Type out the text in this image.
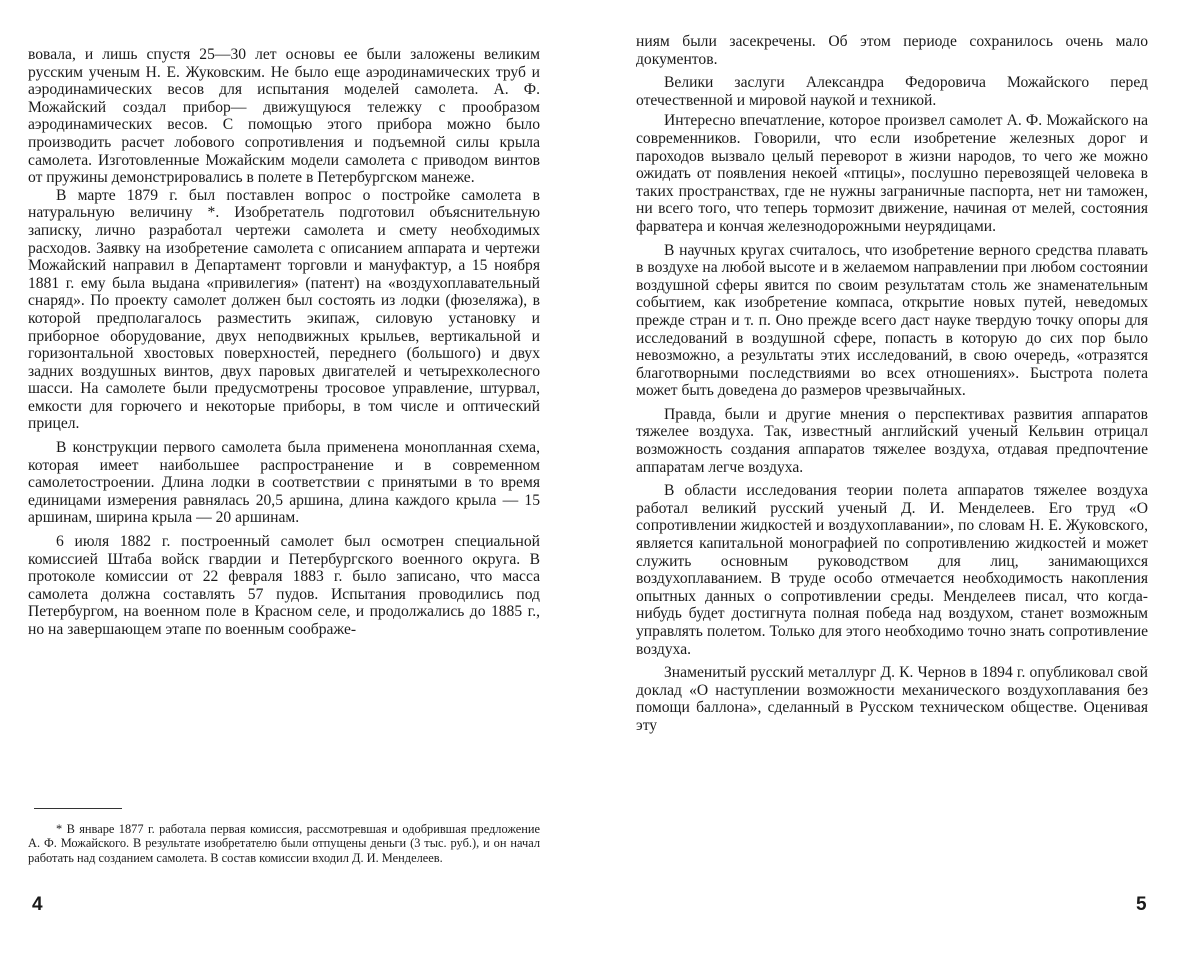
вовала, и лишь спустя 25—30 лет основы ее были заложены великим русским ученым Н. Е. Жуковским. Не было еще аэродинамических труб и аэродинамических весов для испытания моделей самолета. А. Ф. Можайский создал прибор— движущуюся тележку с прообразом аэродинамических весов. С помощью этого прибора можно было производить расчет лобового сопротивления и подъемной силы крыла самолета. Изготовленные Можайским модели самолета с приводом винтов от пружины демонстрировались в полете в Петербургском манеже.

В марте 1879 г. был поставлен вопрос о постройке самолета в натуральную величину *. Изобретатель подготовил объяснительную записку, лично разработал чертежи самолета и смету необходимых расходов. Заявку на изобретение самолета с описанием аппарата и чертежи Можайский направил в Департамент торговли и мануфактур, а 15 ноября 1881 г. ему была выдана «привилегия» (патент) на «воздухоплавательный снаряд». По проекту самолет должен был состоять из лодки (фюзеляжа), в которой предполагалось разместить экипаж, силовую установку и приборное оборудование, двух неподвижных крыльев, вертикальной и горизонтальной хвостовых поверхностей, переднего (большого) и двух задних воздушных винтов, двух паровых двигателей и четырехколесного шасси. На самолете были предусмотрены тросовое управление, штурвал, емкости для горючего и некоторые приборы, в том числе и оптический прицел.

В конструкции первого самолета была применена монопланная схема, которая имеет наибольшее распространение и в современном самолетостроении. Длина лодки в соответствии с принятыми в то время единицами измерения равнялась 20,5 аршина, длина каждого крыла — 15 аршинам, ширина крыла — 20 аршинам.

6 июля 1882 г. построенный самолет был осмотрен специальной комиссией Штаба войск гвардии и Петербургского военного округа. В протоколе комиссии от 22 февраля 1883 г. было записано, что масса самолета должна составлять 57 пудов. Испытания проводились под Петербургом, на военном поле в Красном селе, и продолжались до 1885 г., но на завершающем этапе по военным соображе-

* В январе 1877 г. работала первая комиссия, рассмотревшая и одобрившая предложение А. Ф. Можайского. В результате изобретателю были отпущены деньги (3 тыс. руб.), и он начал работать над созданием самолета. В состав комиссии входил Д. И. Менделеев.

4

ниям были засекречены. Об этом периоде сохранилось очень мало документов.

Велики заслуги Александра Федоровича Можайского перед отечественной и мировой наукой и техникой.

Интересно впечатление, которое произвел самолет А. Ф. Можайского на современников. Говорили, что если изобретение железных дорог и пароходов вызвало целый переворот в жизни народов, то чего же можно ожидать от появления некоей «птицы», послушно перевозящей человека в таких пространствах, где не нужны заграничные паспорта, нет ни таможен, ни всего того, что теперь тормозит движение, начиная от мелей, состояния фарватера и кончая железнодорожными неурядицами.

В научных кругах считалось, что изобретение верного средства плавать в воздухе на любой высоте и в желаемом направлении при любом состоянии воздушной сферы явится по своим результатам столь же знаменательным событием, как изобретение компаса, открытие новых путей, неведомых прежде стран и т. п. Оно прежде всего даст науке твердую точку опоры для исследований в воздушной сфере, попасть в которую до сих пор было невозможно, а результаты этих исследований, в свою очередь, «отразятся благотворными последствиями во всех отношениях». Быстрота полета может быть доведена до размеров чрезвычайных.

Правда, были и другие мнения о перспективах развития аппаратов тяжелее воздуха. Так, известный английский ученый Кельвин отрицал возможность создания аппаратов тяжелее воздуха, отдавая предпочтение аппаратам легче воздуха.

В области исследования теории полета аппаратов тяжелее воздуха работал великий русский ученый Д. И. Менделеев. Его труд «О сопротивлении жидкостей и воздухоплавании», по словам Н. Е. Жуковского, является капитальной монографией по сопротивлению жидкостей и может служить основным руководством для лиц, занимающихся воздухоплаванием. В труде особо отмечается необходимость накопления опытных данных о сопротивлении среды. Менделеев писал, что когда-нибудь будет достигнута полная победа над воздухом, станет возможным управлять полетом. Только для этого необходимо точно знать сопротивление воздуха.

Знаменитый русский металлург Д. К. Чернов в 1894 г. опубликовал свой доклад «О наступлении возможности механического воздухоплавания без помощи баллона», сделанный в Русском техническом обществе. Оценивая эту

5
